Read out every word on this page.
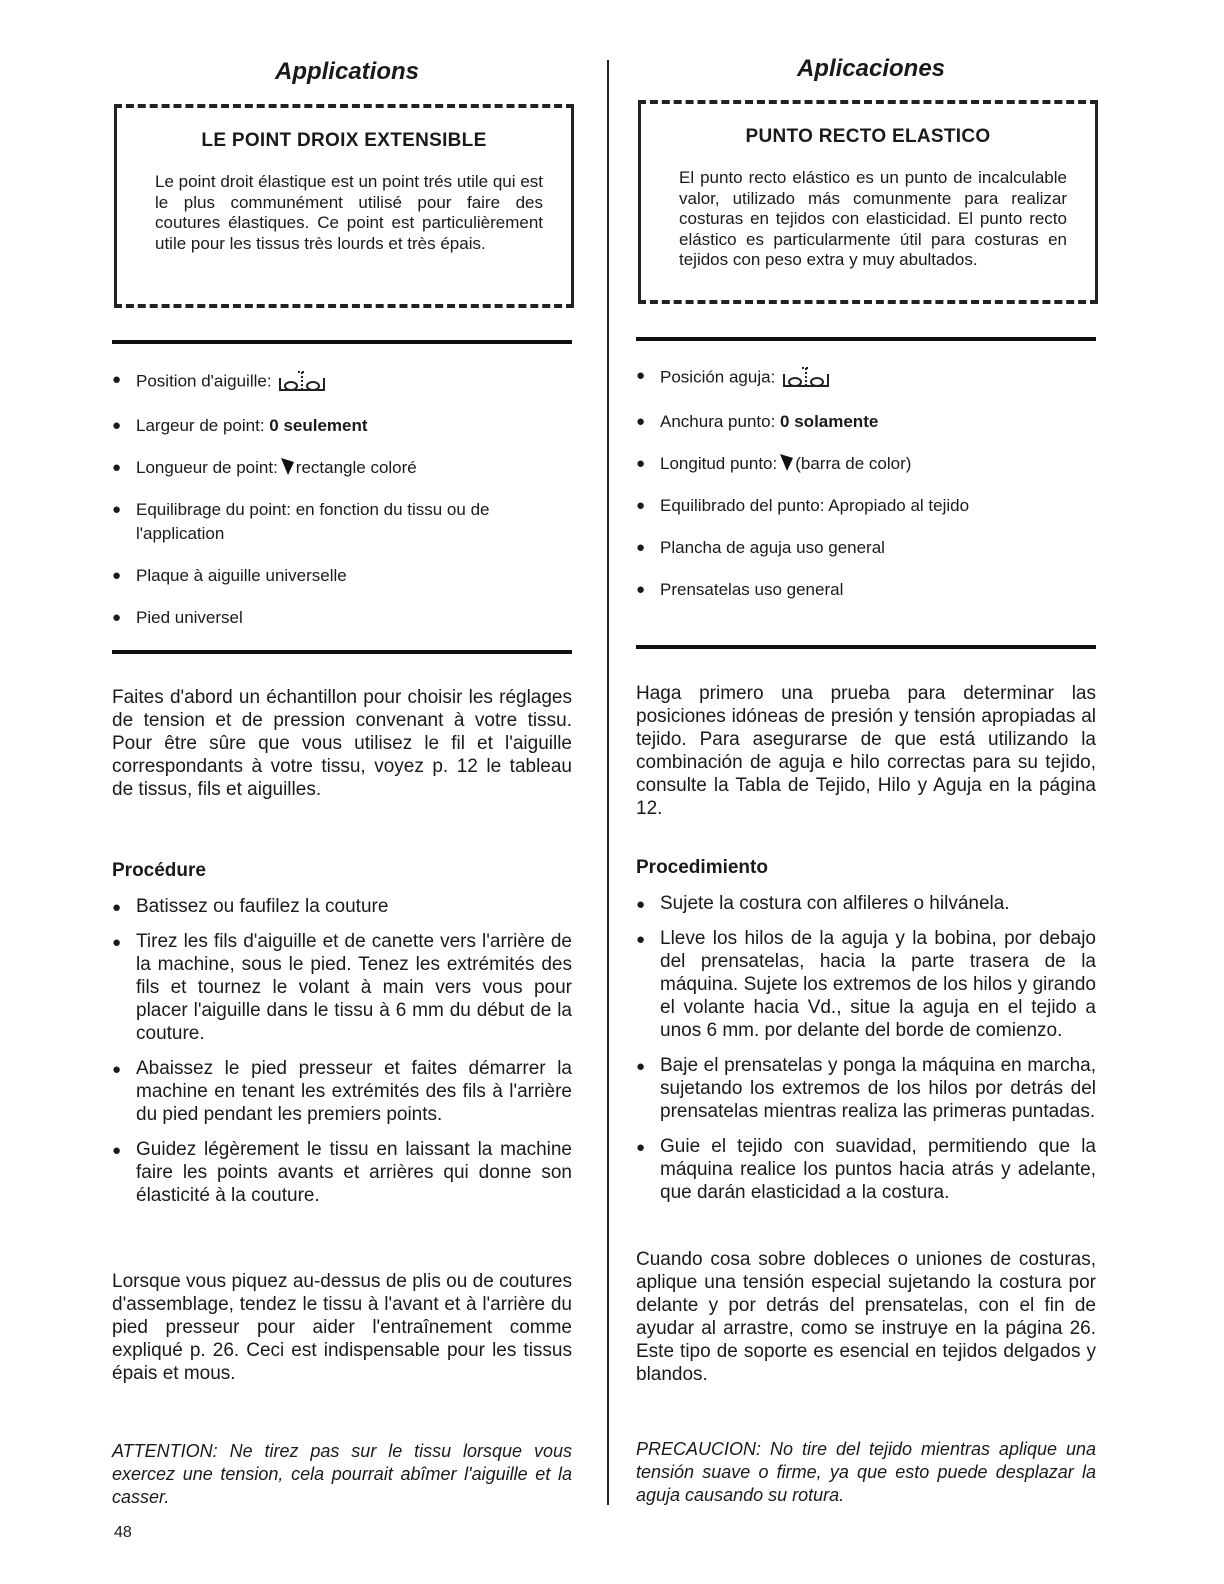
Applications
LE POINT DROIX EXTENSIBLE
Le point droit élastique est un point trés utile qui est le plus communément utilisé pour faire des coutures élastiques. Ce point est particulièrement utile pour les tissus très lourds et très épais.
● Position d'aiguille:
● Largeur de point: 0 seulement
● Longueur de point: rectangle coloré
● Equilibrage du point: en fonction du tissu ou de l'application
● Plaque à aiguille universelle
● Pied universel

Faites d'abord un échantillon pour choisir les réglages de tension et de pression convenant à votre tissu. Pour être sûre que vous utilisez le fil et l'aiguille correspondants à votre tissu, voyez p. 12 le tableau de tissus, fils et aiguilles.

Procédure

● Batissez ou faufilez la couture
● Tirez les fils d'aiguille et de canette vers l'arrière de la machine, sous le pied. Tenez les extrémités des fils et tournez le volant à main vers vous pour placer l'aiguille dans le tissu à 6 mm du début de la couture.
● Abaissez le pied presseur et faites démarrer la machine en tenant les extrémités des fils à l'arrière du pied pendant les premiers points.
● Guidez légèrement le tissu en laissant la machine faire les points avants et arrières qui donne son élasticité à la couture.

Lorsque vous piquez au-dessus de plis ou de coutures d'assemblage, tendez le tissu à l'avant et à l'arrière du pied presseur pour aider l'entraînement comme expliqué p. 26. Ceci est indispensable pour les tissus épais et mous.

ATTENTION: Ne tirez pas sur le tissu lorsque vous exercez une tension, cela pourrait abîmer l'aiguille et la casser.

Aplicaciones
PUNTO RECTO ELASTICO
El punto recto elástico es un punto de incalculable valor, utilizado más comunmente para realizar costuras en tejidos con elasticidad. El punto recto elástico es particularmente útil para costuras en tejidos con peso extra y muy abultados.
● Posición aguja:
● Anchura punto: 0 solamente
● Longitud punto: (barra de color)
● Equilibrado del punto: Apropiado al tejido
● Plancha de aguja uso general
● Prensatelas uso general

Haga primero una prueba para determinar las posiciones idóneas de presión y tensión apropiadas al tejido. Para asegurarse de que está utilizando la combinación de aguja e hilo correctas para su tejido, consulte la Tabla de Tejido, Hilo y Aguja en la página 12.

Procedimiento

● Sujete la costura con alfileres o hilvánela.
● Lleve los hilos de la aguja y la bobina, por debajo del prensatelas, hacia la parte trasera de la máquina. Sujete los extremos de los hilos y girando el volante hacia Vd., situe la aguja en el tejido a unos 6 mm. por delante del borde de comienzo.
● Baje el prensatelas y ponga la máquina en marcha, sujetando los extremos de los hilos por detrás del prensatelas mientras realiza las primeras puntadas.
● Guie el tejido con suavidad, permitiendo que la máquina realice los puntos hacia atrás y adelante, que darán elasticidad a la costura.

Cuando cosa sobre dobleces o uniones de costuras, aplique una tensión especial sujetando la costura por delante y por detrás del prensatelas, con el fin de ayudar al arrastre, como se instruye en la página 26. Este tipo de soporte es esencial en tejidos delgados y blandos.

PRECAUCION: No tire del tejido mientras aplique una tensión suave o firme, ya que esto puede desplazar la aguja causando su rotura.

48
